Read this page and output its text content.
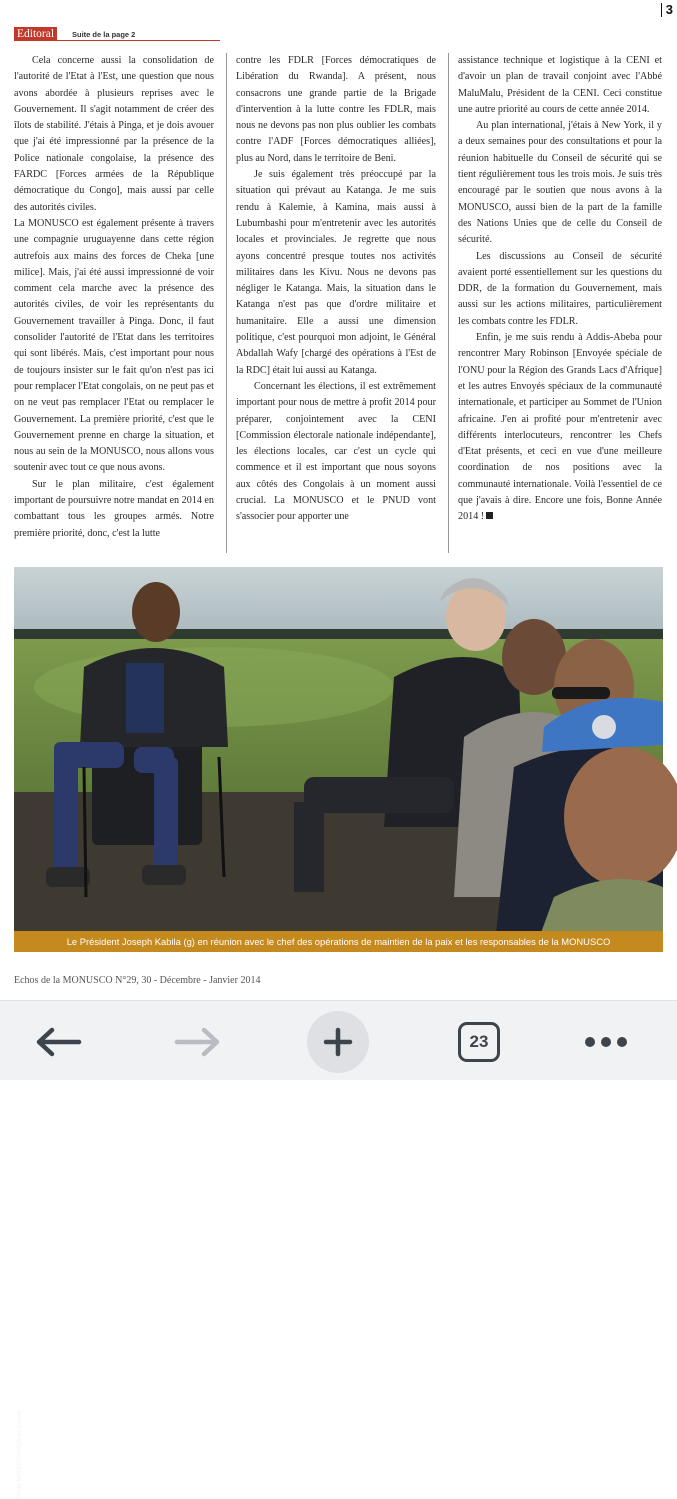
3
Editoral	Suite de la page 2

Cela concerne aussi la consolidation de l'autorité de l'Etat à l'Est, une question que nous avons abordée à plusieurs reprises avec le Gouvernement. Il s'agit notamment de créer des îlots de stabilité. J'étais à Pinga, et je dois avouer que j'ai été impressionné par la présence de la Police nationale congolaise, la présence des FARDC [Forces armées de la République démocratique du Congo], mais aussi par celle des autorités civiles.

La MONUSCO est également présente à travers une compagnie uruguayenne dans cette région autrefois aux mains des forces de Cheka [une milice]. Mais, j'ai été aussi impressionné de voir comment cela marche avec la présence des autorités civiles, de voir les représentants du Gouvernement travailler à Pinga. Donc, il faut consolider l'autorité de l'Etat dans les territoires qui sont libérés. Mais, c'est important pour nous de toujours insister sur le fait qu'on n'est pas ici pour remplacer l'Etat congolais, on ne peut pas et on ne veut pas remplacer l'Etat ou remplacer le Gouvernement. La première priorité, c'est que le Gouvernement prenne en charge la situation, et nous au sein de la MONUSCO, nous allons vous soutenir avec tout ce que nous avons.

Sur le plan militaire, c'est également important de poursuivre notre mandat en 2014 en combattant tous les groupes armés. Notre première priorité, donc, c'est la lutte

contre les FDLR [Forces démocratiques de Libération du Rwanda]. A présent, nous consacrons une grande partie de la Brigade d'intervention à la lutte contre les FDLR, mais nous ne devons pas non plus oublier les combats contre l'ADF [Forces démocratiques alliées], plus au Nord, dans le territoire de Beni.

Je suis également très préoccupé par la situation qui prévaut au Katanga. Je me suis rendu à Kalemie, à Kamina, mais aussi à Lubumbashi pour m'entretenir avec les autorités locales et provinciales. Je regrette que nous ayons concentré presque toutes nos activités militaires dans les Kivu. Nous ne devons pas négliger le Katanga. Mais, la situation dans le Katanga n'est pas que d'ordre militaire et humanitaire. Elle a aussi une dimension politique, c'est pourquoi mon adjoint, le Général Abdallah Wafy [chargé des opérations à l'Est de la RDC] était lui aussi au Katanga.

Concernant les élections, il est extrêmement important pour nous de mettre à profit 2014 pour préparer, conjointement avec la CENI [Commission électorale nationale indépendante], les élections locales, car c'est un cycle qui commence et il est important que nous soyons aux côtés des Congolais à un moment aussi crucial. La MONUSCO et le PNUD vont s'associer pour apporter une

assistance technique et logistique à la CENI et d'avoir un plan de travail conjoint avec l'Abbé MaluMalu, Président de la CENI. Ceci constitue une autre priorité au cours de cette année 2014.

Au plan international, j'étais à New York, il y a deux semaines pour des consultations et pour la réunion habituelle du Conseil de sécurité qui se tient régulièrement tous les trois mois. Je suis très encouragé par le soutien que nous avons à la MONUSCO, aussi bien de la part de la famille des Nations Unies que de celle du Conseil de sécurité.

Les discussions au Conseil de sécurité avaient porté essentiellement sur les questions du DDR, de la formation du Gouvernement, mais aussi sur les actions militaires, particulièrement les combats contre les FDLR.

Enfin, je me suis rendu à Addis-Abeba pour rencontrer Mary Robinson [Envoyée spéciale de l'ONU pour la Région des Grands Lacs d'Afrique] et les autres Envoyés spéciaux de la communauté internationale, et participer au Sommet de l'Union africaine. J'en ai profité pour m'entretenir avec différents interlocuteurs, rencontrer les Chefs d'Etat présents, et ceci en vue d'une meilleure coordination de nos positions avec la communauté internationale. Voilà l'essentiel de ce que j'avais à dire. Encore une fois, Bonne Année 2014 !

Photo MONUSCO/Sylvain Liechti
Le Président Joseph Kabila (g) en réunion avec le chef des opérations de maintien de la paix et les responsables de la MONUSCO
Echos de la MONUSCO N°29, 30 - Décembre - Janvier 2014
23
